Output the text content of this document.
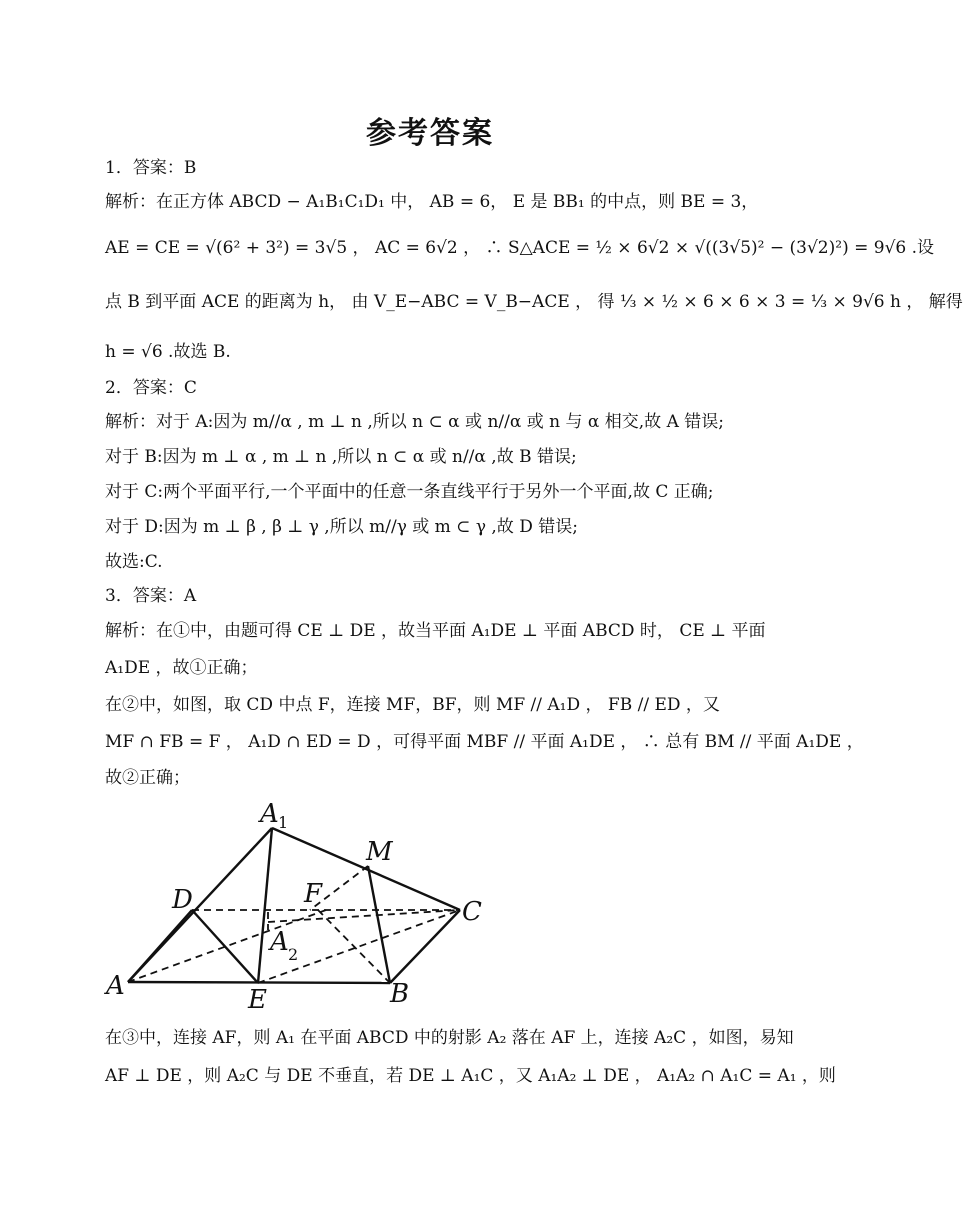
参考答案
1．答案：B
解析：在正方体 ABCD − A₁B₁C₁D₁ 中， AB = 6， E 是 BB₁ 的中点，则 BE = 3，
AE = CE = √(6² + 3²) = 3√5 ， AC = 6√2 ， ∴ S△ACE = ½ × 6√2 × √((3√5)² − (3√2)²) = 9√6 .设
点 B 到平面 ACE 的距离为 h， 由 V_E−ABC = V_B−ACE ， 得 ⅓ × ½ × 6 × 6 × 3 = ⅓ × 9√6 h ， 解得
h = √6 .故选 B.
2．答案：C
解析：对于 A:因为 m//α , m ⊥ n ,所以 n ⊂ α 或 n//α 或 n 与 α 相交,故 A 错误;
对于 B:因为 m ⊥ α , m ⊥ n ,所以 n ⊂ α 或 n//α ,故 B 错误;
对于 C:两个平面平行,一个平面中的任意一条直线平行于另外一个平面,故 C 正确;
对于 D:因为 m ⊥ β , β ⊥ γ ,所以 m//γ 或 m ⊂ γ ,故 D 错误;
故选:C.
3．答案：A
解析：在①中，由题可得 CE ⊥ DE ，故当平面 A₁DE ⊥ 平面 ABCD 时， CE ⊥ 平面
A₁DE ，故①正确；
在②中，如图，取 CD 中点 F，连接 MF，BF，则 MF // A₁D ， FB // ED ，又
MF ∩ FB = F ， A₁D ∩ ED = D ，可得平面 MBF // 平面 A₁DE ， ∴ 总有 BM // 平面 A₁DE ，
故②正确；
A 1
M
D	F
C
A 2
A	E	B
在③中，连接 AF，则 A₁ 在平面 ABCD 中的射影 A₂ 落在 AF 上，连接 A₂C ，如图，易知
AF ⊥ DE ，则 A₂C 与 DE 不垂直，若 DE ⊥ A₁C ，又 A₁A₂ ⊥ DE ， A₁A₂ ∩ A₁C = A₁ ，则
